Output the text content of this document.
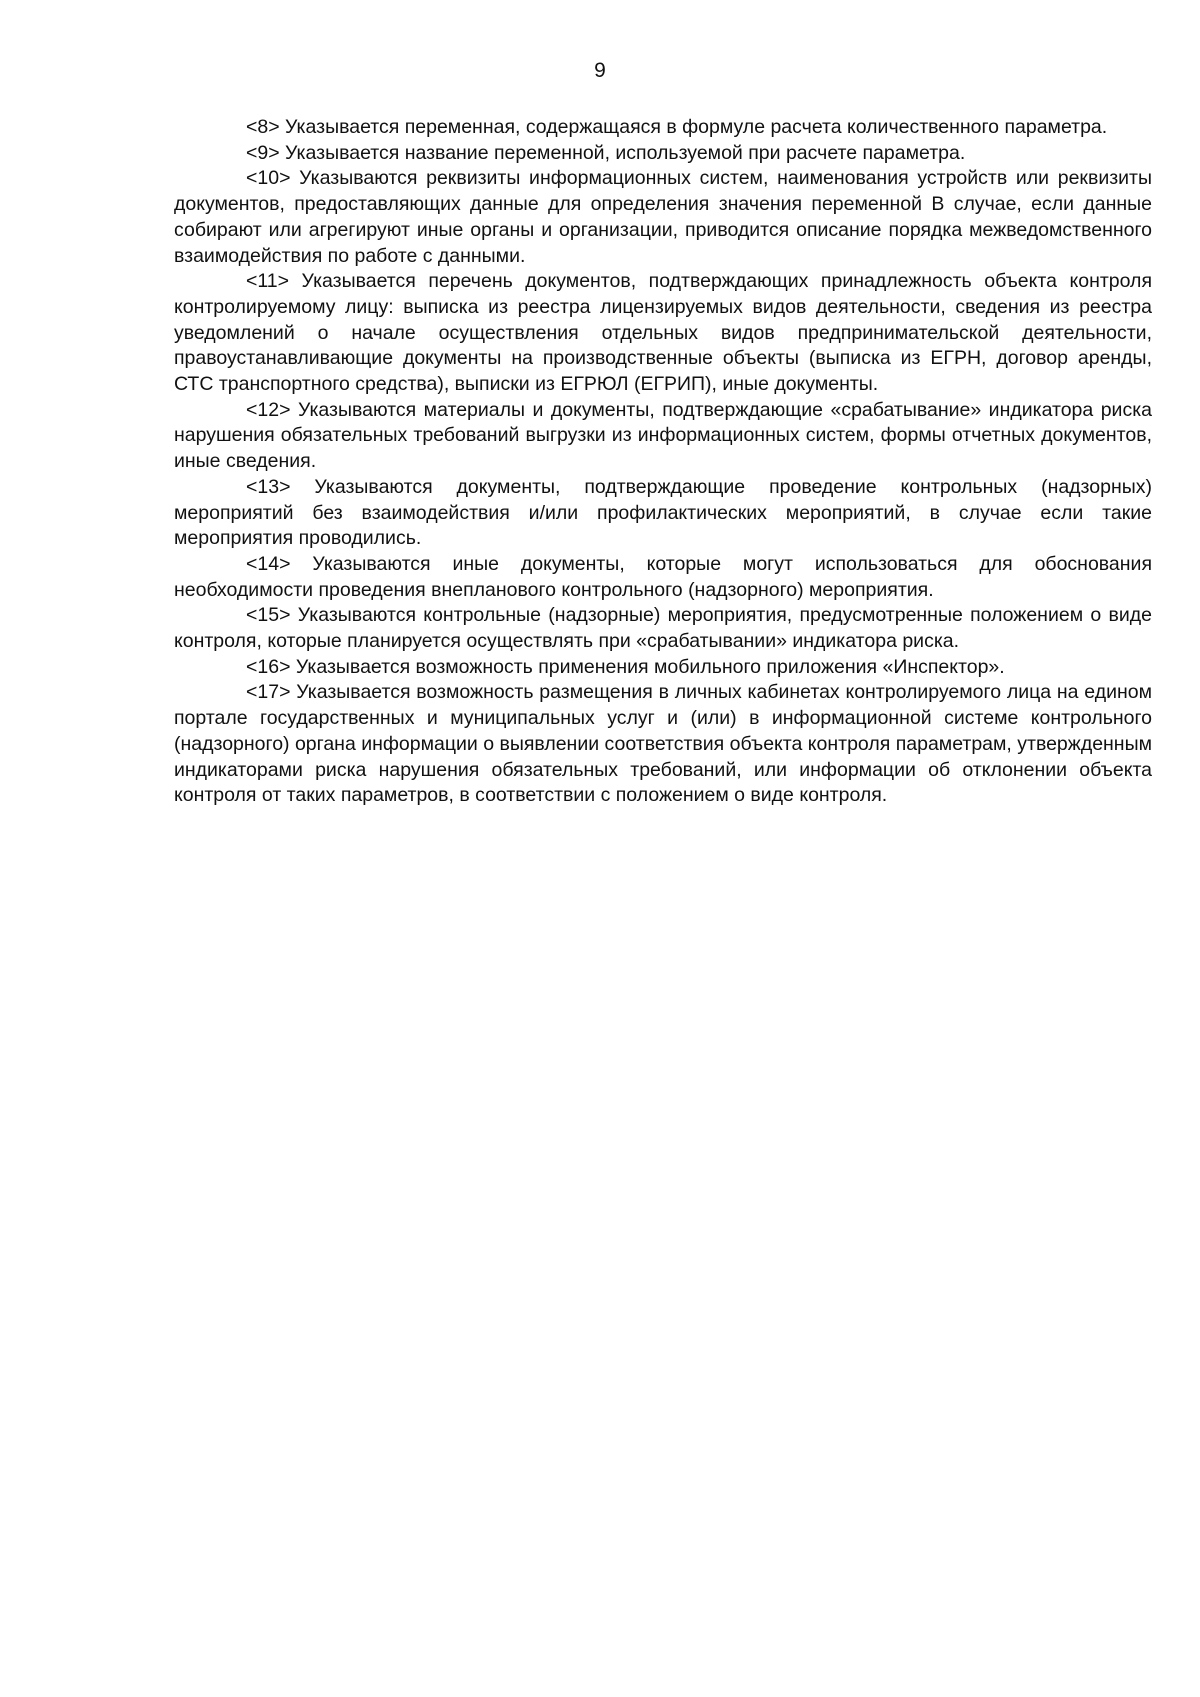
9

<8> Указывается переменная, содержащаяся в формуле расчета количественного параметра.

<9> Указывается название переменной, используемой при расчете параметра.

<10> Указываются реквизиты информационных систем, наименования устройств или реквизиты документов, предоставляющих данные для определения значения переменной В случае, если данные собирают или агрегируют иные органы и организации, приводится описание порядка межведомственного взаимодействия по работе с данными.

<11> Указывается перечень документов, подтверждающих принадлежность объекта контроля контролируемому лицу: выписка из реестра лицензируемых видов деятельности, сведения из реестра уведомлений о начале осуществления отдельных видов предпринимательской деятельности, правоустанавливающие документы на производственные объекты (выписка из ЕГРН, договор аренды, СТС транспортного средства), выписки из ЕГРЮЛ (ЕГРИП), иные документы.

<12> Указываются материалы и документы, подтверждающие «срабатывание» индикатора риска нарушения обязательных требований выгрузки из информационных систем, формы отчетных документов, иные сведения.

<13> Указываются документы, подтверждающие проведение контрольных (надзорных) мероприятий без взаимодействия и/или профилактических мероприятий, в случае если такие мероприятия проводились.

<14> Указываются иные документы, которые могут использоваться для обоснования необходимости проведения внепланового контрольного (надзорного) мероприятия.

<15> Указываются контрольные (надзорные) мероприятия, предусмотренные положением о виде контроля, которые планируется осуществлять при «срабатывании» индикатора риска.

<16> Указывается возможность применения мобильного приложения «Инспектор».

<17> Указывается возможность размещения в личных кабинетах контролируемого лица на едином портале государственных и муниципальных услуг и (или) в информационной системе контрольного (надзорного) органа информации о выявлении соответствия объекта контроля параметрам, утвержденным индикаторами риска нарушения обязательных требований, или информации об отклонении объекта контроля от таких параметров, в соответствии с положением о виде контроля.
